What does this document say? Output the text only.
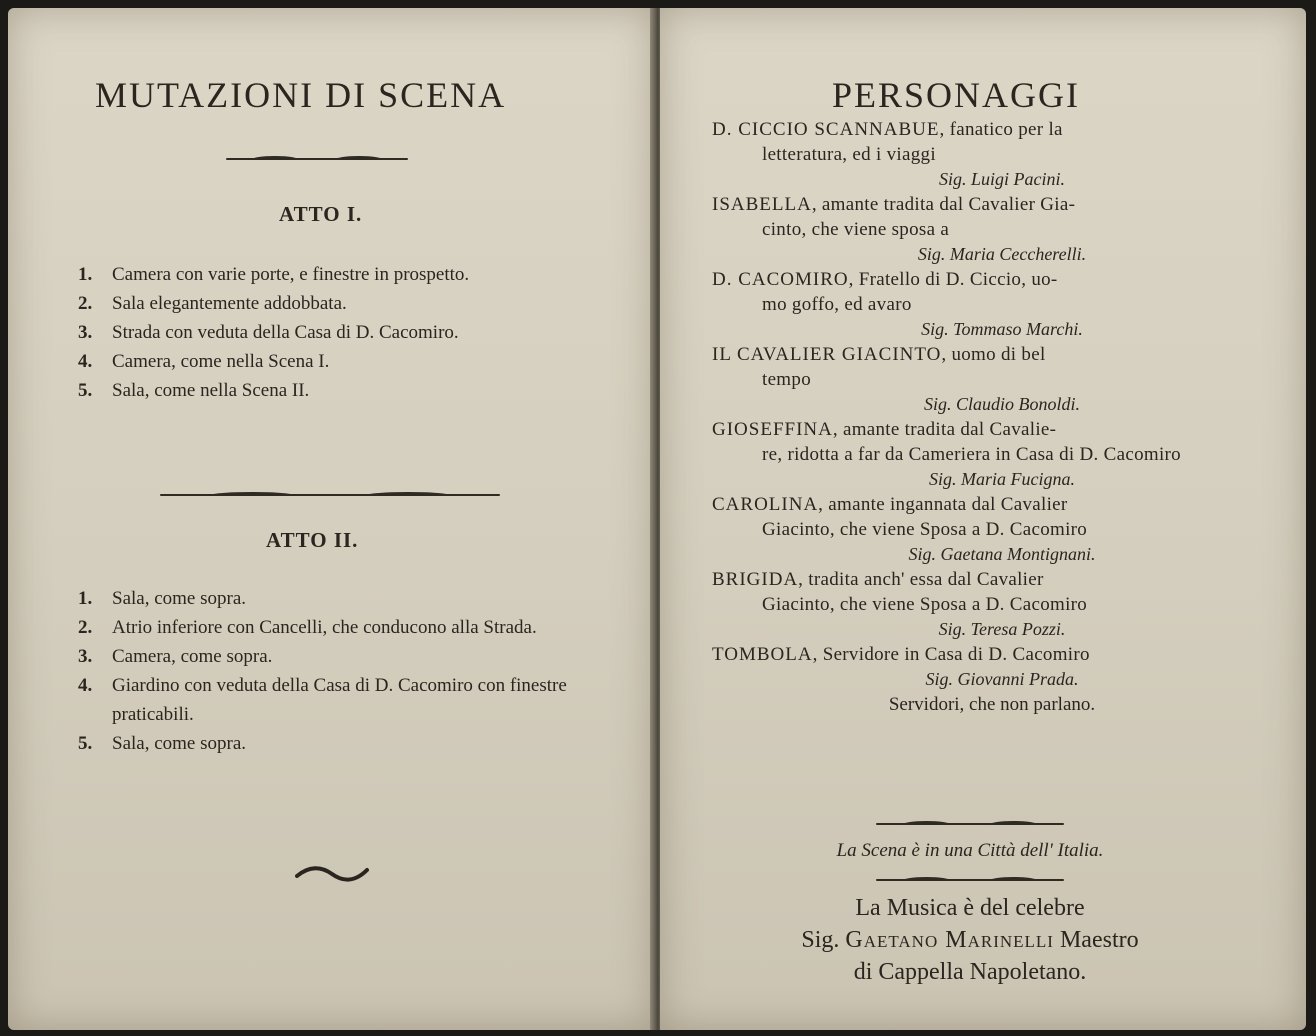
MUTAZIONI DI SCENA
ATTO I.
1. Camera con varie porte, e finestre in prospetto.
2. Sala elegantemente addobbata.
3. Strada con veduta della Casa di D. Cacomiro.
4. Camera, come nella Scena I.
5. Sala, come nella Scena II.
ATTO II.
1. Sala, come sopra.
2. Atrio inferiore con Cancelli, che conducono alla Strada.
3. Camera, come sopra.
4. Giardino con veduta della Casa di D. Cacomiro con finestre praticabili.
5. Sala, come sopra.
PERSONAGGI
D. CICCIO SCANNABUE, fanatico per la
letteratura, ed i viaggi
Sig. Luigi Pacini.
ISABELLA, amante tradita dal Cavalier Gia-
cinto, che viene sposa a
Sig. Maria Ceccherelli.
D. CACOMIRO, Fratello di D. Ciccio, uo-
mo goffo, ed avaro
Sig. Tommaso Marchi.
IL CAVALIER GIACINTO, uomo di bel
tempo
Sig. Claudio Bonoldi.
GIOSEFFINA, amante tradita dal Cavalie-
re, ridotta a far da Cameriera in Casa di D. Cacomiro
Sig. Maria Fucigna.
CAROLINA, amante ingannata dal Cavalier
Giacinto, che viene Sposa a D. Cacomiro
Sig. Gaetana Montignani.
BRIGIDA, tradita anch' essa dal Cavalier
Giacinto, che viene Sposa a D. Cacomiro
Sig. Teresa Pozzi.
TOMBOLA, Servidore in Casa di D. Cacomiro
Sig. Giovanni Prada.
Servidori, che non parlano.
La Scena è in una Città dell' Italia.
La Musica è del celebre
Sig. Gaetano Marinelli Maestro
di Cappella Napoletano.
